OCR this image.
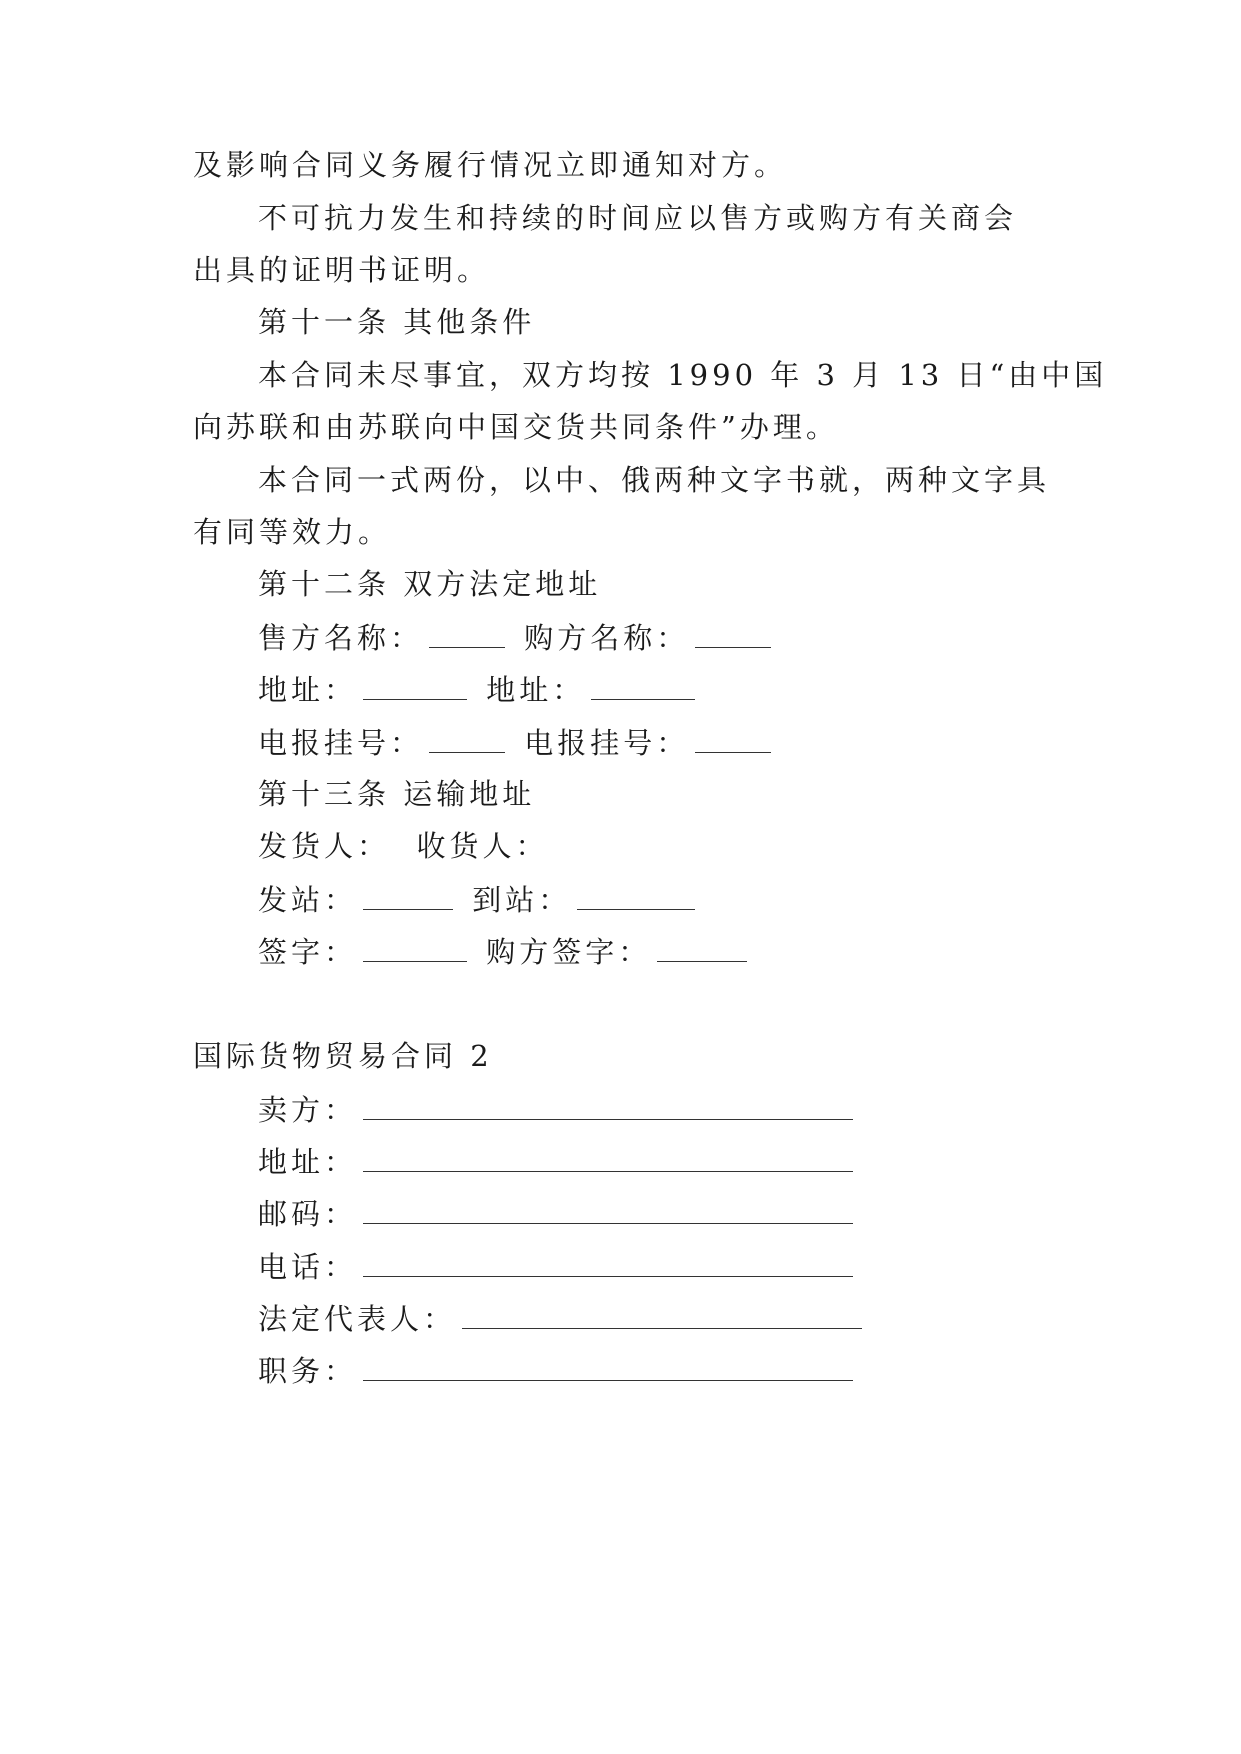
及影响合同义务履行情况立即通知对方。
不可抗力发生和持续的时间应以售方或购方有关商会
出具的证明书证明。
第十一条 其他条件
本合同未尽事宜，双方均按 1990 年 3 月 13 日“由中国
向苏联和由苏联向中国交货共同条件”办理。
本合同一式两份，以中、俄两种文字书就，两种文字具
有同等效力。
第十二条 双方法定地址
售方名称：	购方名称：
地址：	地址：
电报挂号：	电报挂号：
第十三条 运输地址
发货人： 收货人：
发站：	到站：
签字：	购方签字：
国际货物贸易合同 2
卖方：
地址：
邮码：
电话：
法定代表人：
职务：
